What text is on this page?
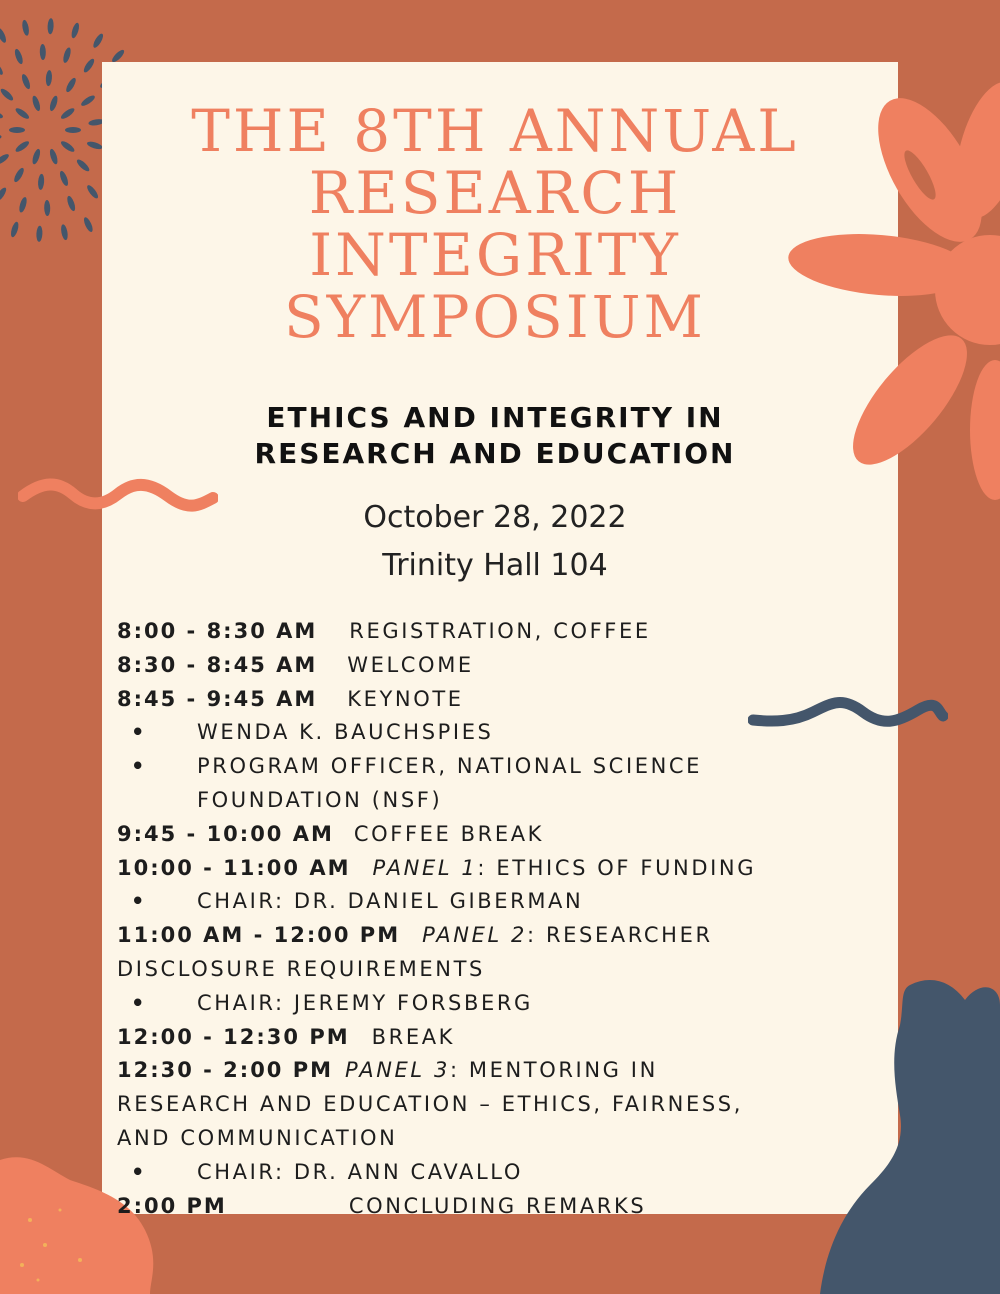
THE 8TH ANNUAL
RESEARCH
INTEGRITY
SYMPOSIUM
ETHICS AND INTEGRITY IN
RESEARCH AND EDUCATION
October 28, 2022
Trinity Hall 104
8:00 - 8:30 AM REGISTRATION, COFFEE
8:30 - 8:45 AM WELCOME
8:45 - 9:45 AM KEYNOTE
• WENDA K. BAUCHSPIES
• PROGRAM OFFICER, NATIONAL SCIENCE
FOUNDATION (NSF)
9:45 - 10:00 AM COFFEE BREAK
10:00 - 11:00 AM PANEL 1: ETHICS OF FUNDING
• CHAIR: DR. DANIEL GIBERMAN
11:00 AM - 12:00 PM PANEL 2: RESEARCHER
DISCLOSURE REQUIREMENTS
• CHAIR: JEREMY FORSBERG
12:00 - 12:30 PM BREAK
12:30 - 2:00 PM PANEL 3: MENTORING IN
RESEARCH AND EDUCATION – ETHICS, FAIRNESS,
AND COMMUNICATION
• CHAIR: DR. ANN CAVALLO
2:00 PM	CONCLUDING REMARKS
